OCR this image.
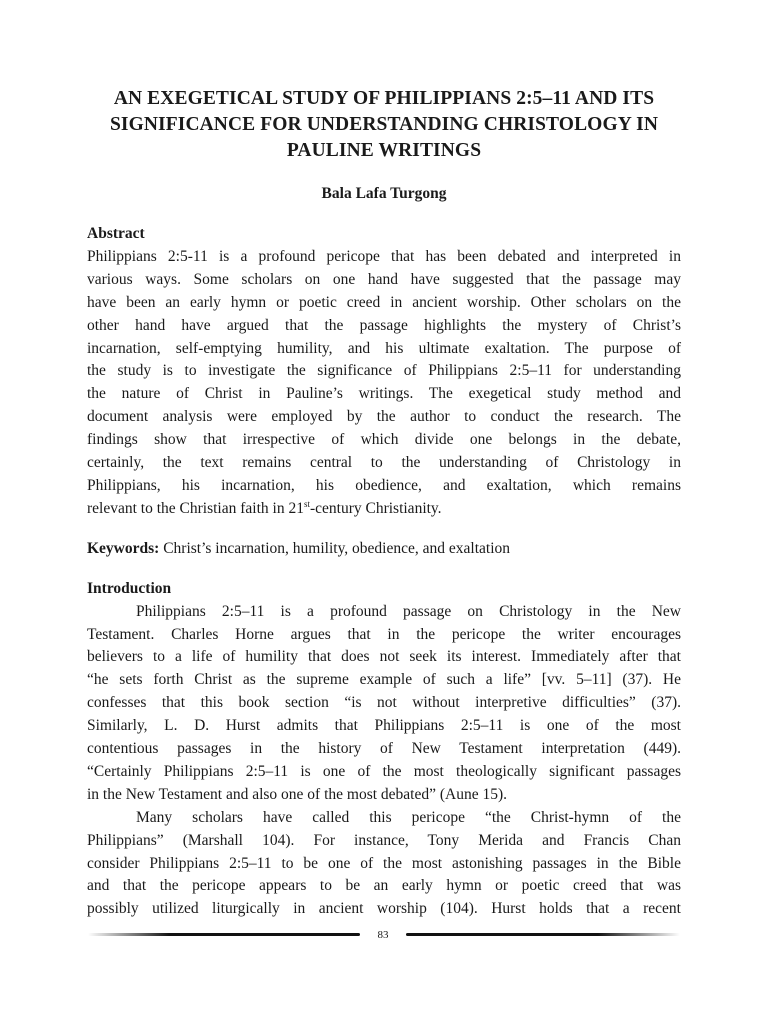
AN EXEGETICAL STUDY OF PHILIPPIANS 2:5–11 AND ITS
SIGNIFICANCE FOR UNDERSTANDING CHRISTOLOGY IN
PAULINE WRITINGS
Bala Lafa Turgong
Abstract

Philippians 2:5-11 is a profound pericope that has been debated and interpreted in
various ways. Some scholars on one hand have suggested that the passage may
have been an early hymn or poetic creed in ancient worship. Other scholars on the
other hand have argued that the passage highlights the mystery of Christ’s
incarnation, self-emptying humility, and his ultimate exaltation. The purpose of
the study is to investigate the significance of Philippians 2:5–11 for understanding
the nature of Christ in Pauline’s writings. The exegetical study method and
document analysis were employed by the author to conduct the research. The
findings show that irrespective of which divide one belongs in the debate,
certainly, the text remains central to the understanding of Christology in
Philippians, his incarnation, his obedience, and exaltation, which remains
relevant to the Christian faith in 21st-century Christianity.

Keywords: Christ’s incarnation, humility, obedience, and exaltation
Introduction

Philippians 2:5–11 is a profound passage on Christology in the New
Testament. Charles Horne argues that in the pericope the writer encourages
believers to a life of humility that does not seek its interest. Immediately after that
“he sets forth Christ as the supreme example of such a life” [vv. 5–11] (37). He
confesses that this book section “is not without interpretive difficulties” (37).
Similarly, L. D. Hurst admits that Philippians 2:5–11 is one of the most
contentious passages in the history of New Testament interpretation (449).
“Certainly Philippians 2:5–11 is one of the most theologically significant passages
in the New Testament and also one of the most debated” (Aune 15).

Many scholars have called this pericope “the Christ-hymn of the
Philippians” (Marshall 104). For instance, Tony Merida and Francis Chan
consider Philippians 2:5–11 to be one of the most astonishing passages in the Bible
and that the pericope appears to be an early hymn or poetic creed that was
possibly utilized liturgically in ancient worship (104). Hurst holds that a recent

83
